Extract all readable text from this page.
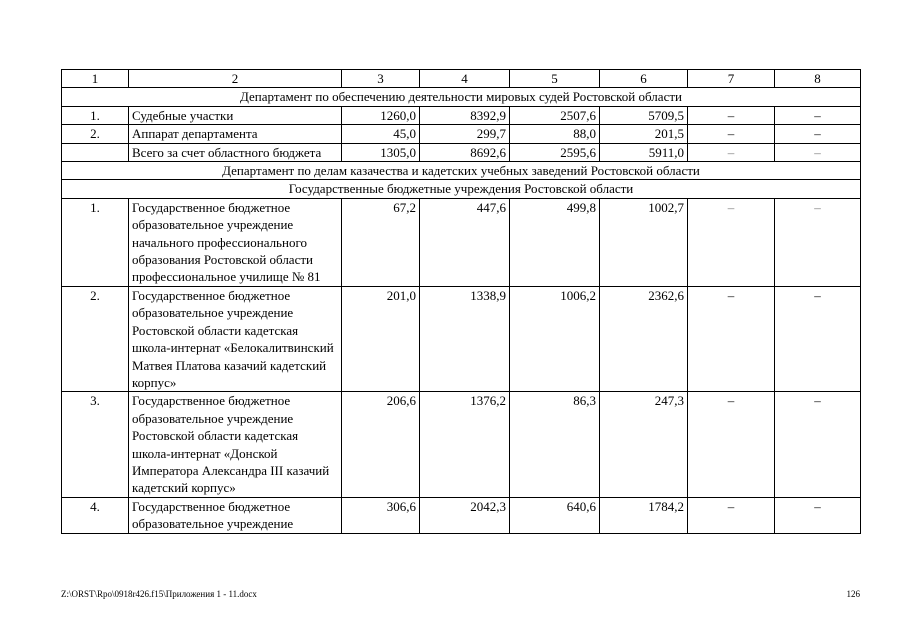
1	2	3	4	5	6	7	8
Департамент по обеспечению деятельности мировых судей Ростовской области							
1.	Судебные участки	1260,0	8392,9	2507,6	5709,5	–	–
2.	Аппарат департамента	45,0	299,7	88,0	201,5	–	–
	Всего за счет областного бюджета	1305,0	8692,6	2595,6	5911,0	–	–
Департамент по делам казачества и кадетских учебных заведений Ростовской области							
Государственные бюджетные учреждения Ростовской области							
1.	Государственное бюджетное образовательное учреждение начального профессионального образования Ростовской области профессиональное училище № 81	67,2	447,6	499,8	1002,7	–	–
2.	Государственное бюджетное образовательное учреждение Ростовской области кадетская школа-интернат «Белокалитвинский Матвея Платова казачий кадетский корпус»	201,0	1338,9	1006,2	2362,6	–	–
3.	Государственное бюджетное образовательное учреждение Ростовской области кадетская школа-интернат «Донской Императора Александра III казачий кадетский корпус»	206,6	1376,2	86,3	247,3	–	–
4.	Государственное бюджетное образовательное учреждение	306,6	2042,3	640,6	1784,2	–	–
Z:\ORST\Rpo\0918r426.f15\Приложения 1 - 11.docx	126
